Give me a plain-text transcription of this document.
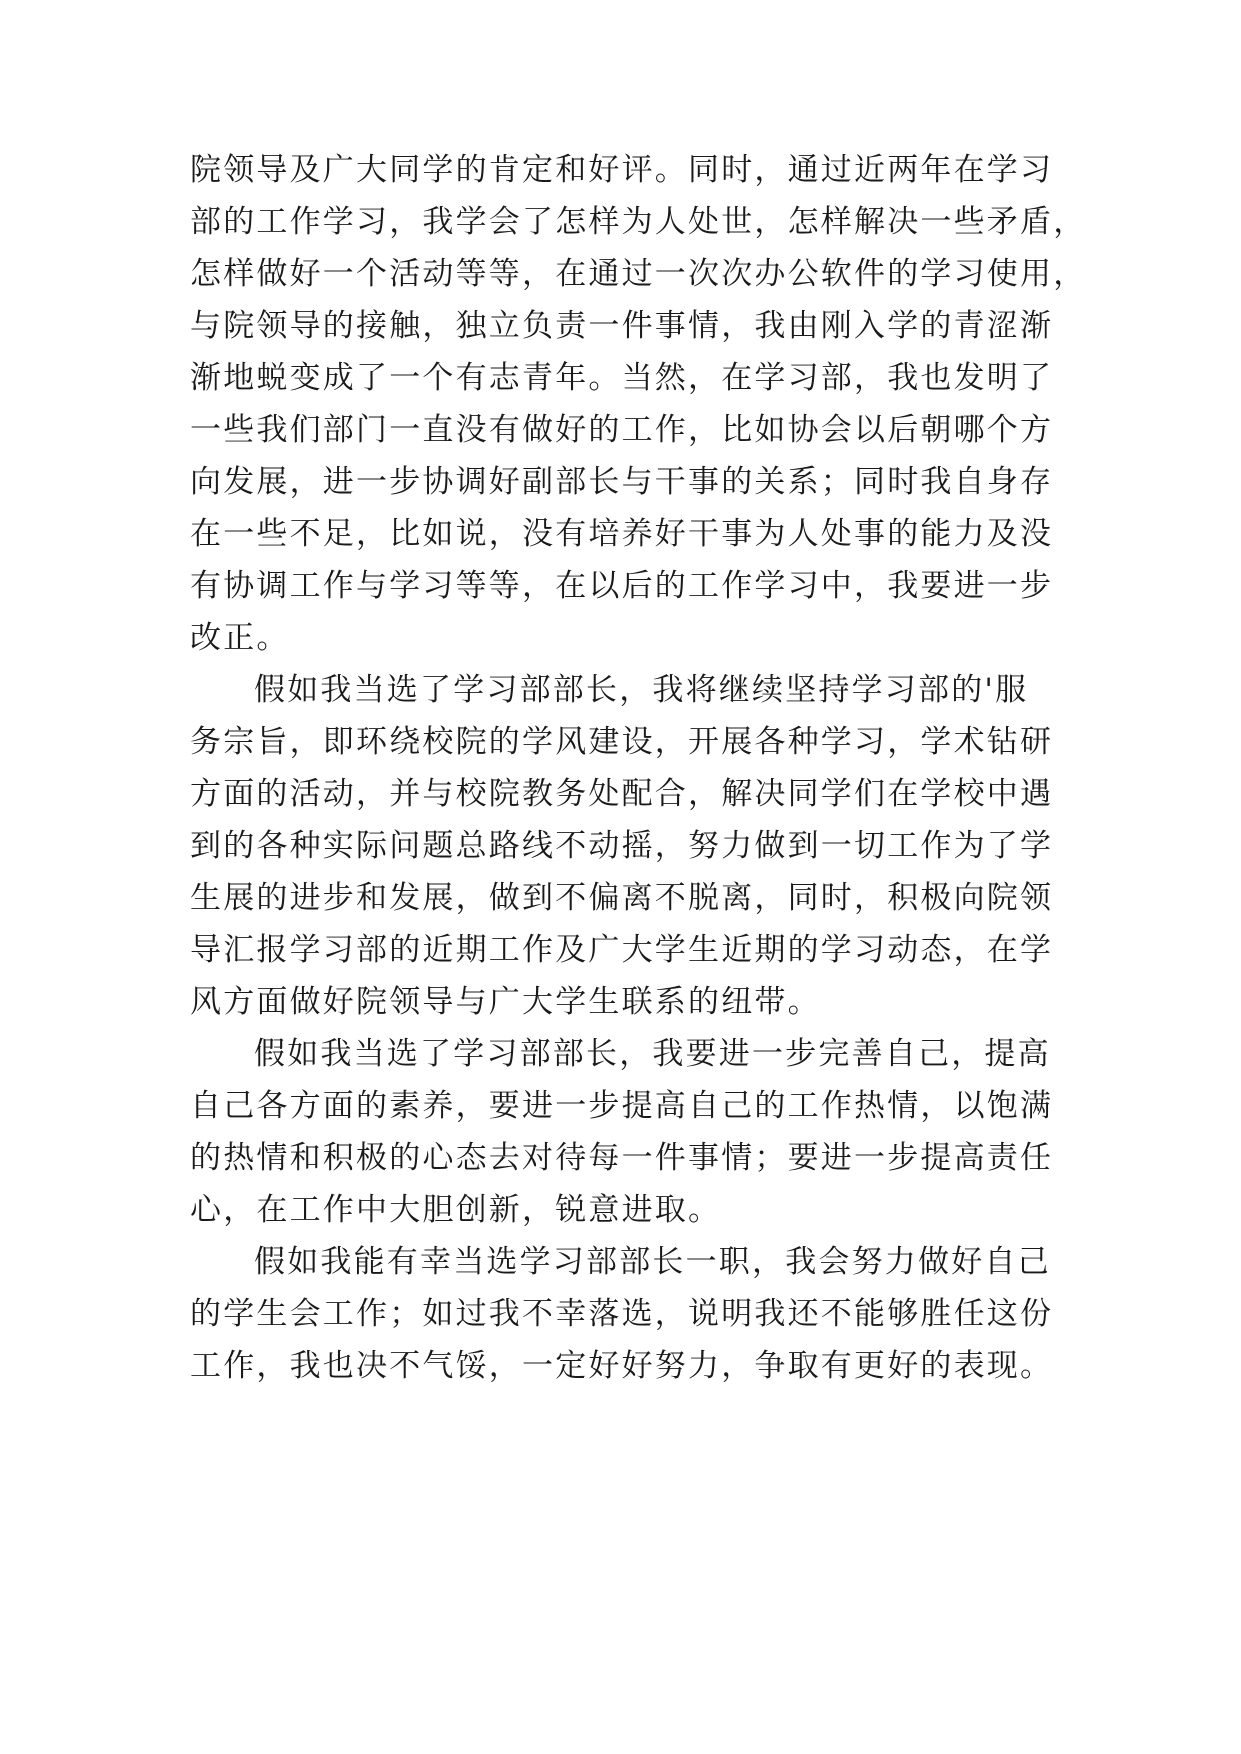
院领导及广大同学的肯定和好评。同时，通过近两年在学习
部的工作学习，我学会了怎样为人处世，怎样解决一些矛盾，
怎样做好一个活动等等，在通过一次次办公软件的学习使用，
与院领导的接触，独立负责一件事情，我由刚入学的青涩渐
渐地蜕变成了一个有志青年。当然，在学习部，我也发明了
一些我们部门一直没有做好的工作，比如协会以后朝哪个方
向发展，进一步协调好副部长与干事的关系；同时我自身存
在一些不足，比如说，没有培养好干事为人处事的能力及没
有协调工作与学习等等，在以后的工作学习中，我要进一步
改正。
假如我当选了学习部部长，我将继续坚持学习部的'服
务宗旨，即环绕校院的学风建设，开展各种学习，学术钻研
方面的活动，并与校院教务处配合，解决同学们在学校中遇
到的各种实际问题总路线不动摇，努力做到一切工作为了学
生展的进步和发展，做到不偏离不脱离，同时，积极向院领
导汇报学习部的近期工作及广大学生近期的学习动态，在学
风方面做好院领导与广大学生联系的纽带。
假如我当选了学习部部长，我要进一步完善自己，提高
自己各方面的素养，要进一步提高自己的工作热情，以饱满
的热情和积极的心态去对待每一件事情；要进一步提高责任
心，在工作中大胆创新，锐意进取。
假如我能有幸当选学习部部长一职，我会努力做好自己
的学生会工作；如过我不幸落选，说明我还不能够胜任这份
工作，我也决不气馁，一定好好努力，争取有更好的表现。
